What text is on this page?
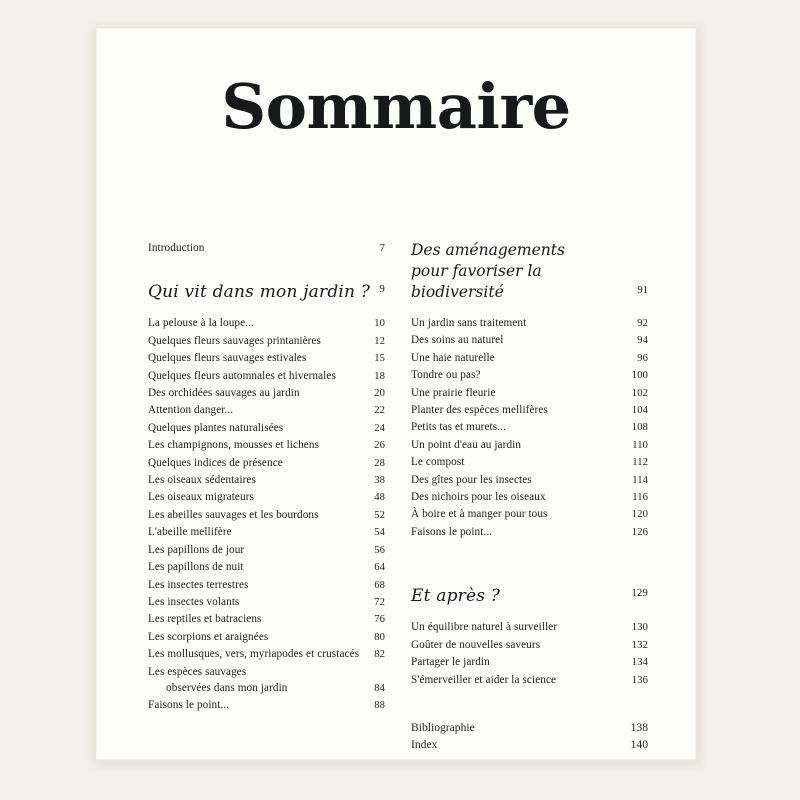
Sommaire
Introduction	7
Qui vit dans mon jardin ? 9
La pelouse à la loupe...	10
Quelques fleurs sauvages printanières	12
Quelques fleurs sauvages estivales	15
Quelques fleurs automnales et hivernales	18
Des orchidées sauvages au jardin	20
Attention danger...	22
Quelques plantes naturalisées	24
Les champignons, mousses et lichens	26
Quelques indices de présence	28
Les oiseaux sédentaires	38
Les oiseaux migrateurs	48
Les abeilles sauvages et les bourdons	52
L'abeille mellifère	54
Les papillons de jour	56
Les papillons de nuit	64
Les insectes terrestres	68
Les insectes volants	72
Les reptiles et batraciens	76
Les scorpions et araignées	80
Les mollusques, vers, myriapodes et crustacés 82
Les espèces sauvages
observées dans mon jardin	84
Faisons le point...	88
Des aménagements
pour favoriser la biodiversité	91
Un jardin sans traitement	92
Des soins au naturel	94
Une haie naturelle	96
Tondre ou pas?	100
Une prairie fleurie	102
Planter des espèces mellifères	104
Petits tas et murets...	108
Un point d'eau au jardin	110
Le compost	112
Des gîtes pour les insectes	114
Des nichoirs pour les oiseaux	116
À boire et à manger pour tous	120
Faisons le point...	126
Et après ?	129
Un équilibre naturel à surveiller	130
Goûter de nouvelles saveurs	132
Partager le jardin	134
S'émerveiller et aider la science	136
Bibliographie	138
Index	140
